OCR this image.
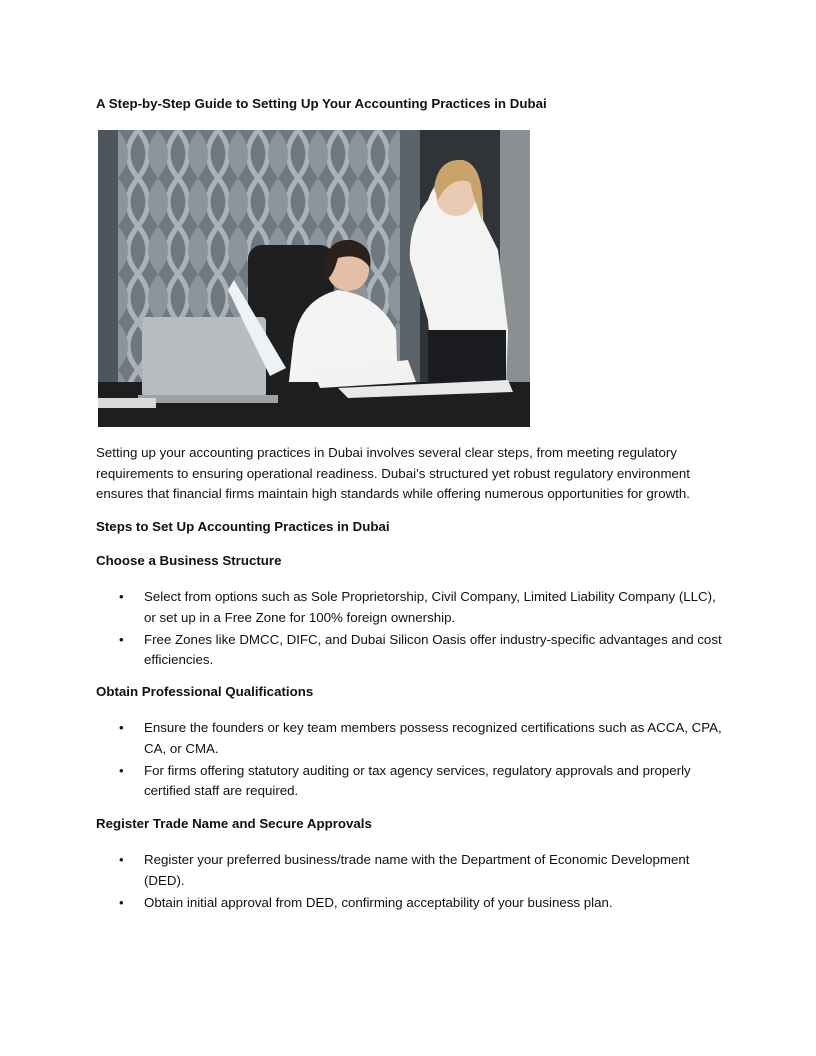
A Step-by-Step Guide to Setting Up Your Accounting Practices in Dubai
Setting up your accounting practices in Dubai involves several clear steps, from meeting regulatory requirements to ensuring operational readiness. Dubai’s structured yet robust regulatory environment ensures that financial firms maintain high standards while offering numerous opportunities for growth.
Steps to Set Up Accounting Practices in Dubai
Choose a Business Structure
• Select from options such as Sole Proprietorship, Civil Company, Limited Liability Company (LLC), or set up in a Free Zone for 100% foreign ownership.
• Free Zones like DMCC, DIFC, and Dubai Silicon Oasis offer industry-specific advantages and cost efficiencies.
Obtain Professional Qualifications
• Ensure the founders or key team members possess recognized certifications such as ACCA, CPA, CA, or CMA.
• For firms offering statutory auditing or tax agency services, regulatory approvals and properly certified staff are required.
Register Trade Name and Secure Approvals
• Register your preferred business/trade name with the Department of Economic Development (DED).
• Obtain initial approval from DED, confirming acceptability of your business plan.
